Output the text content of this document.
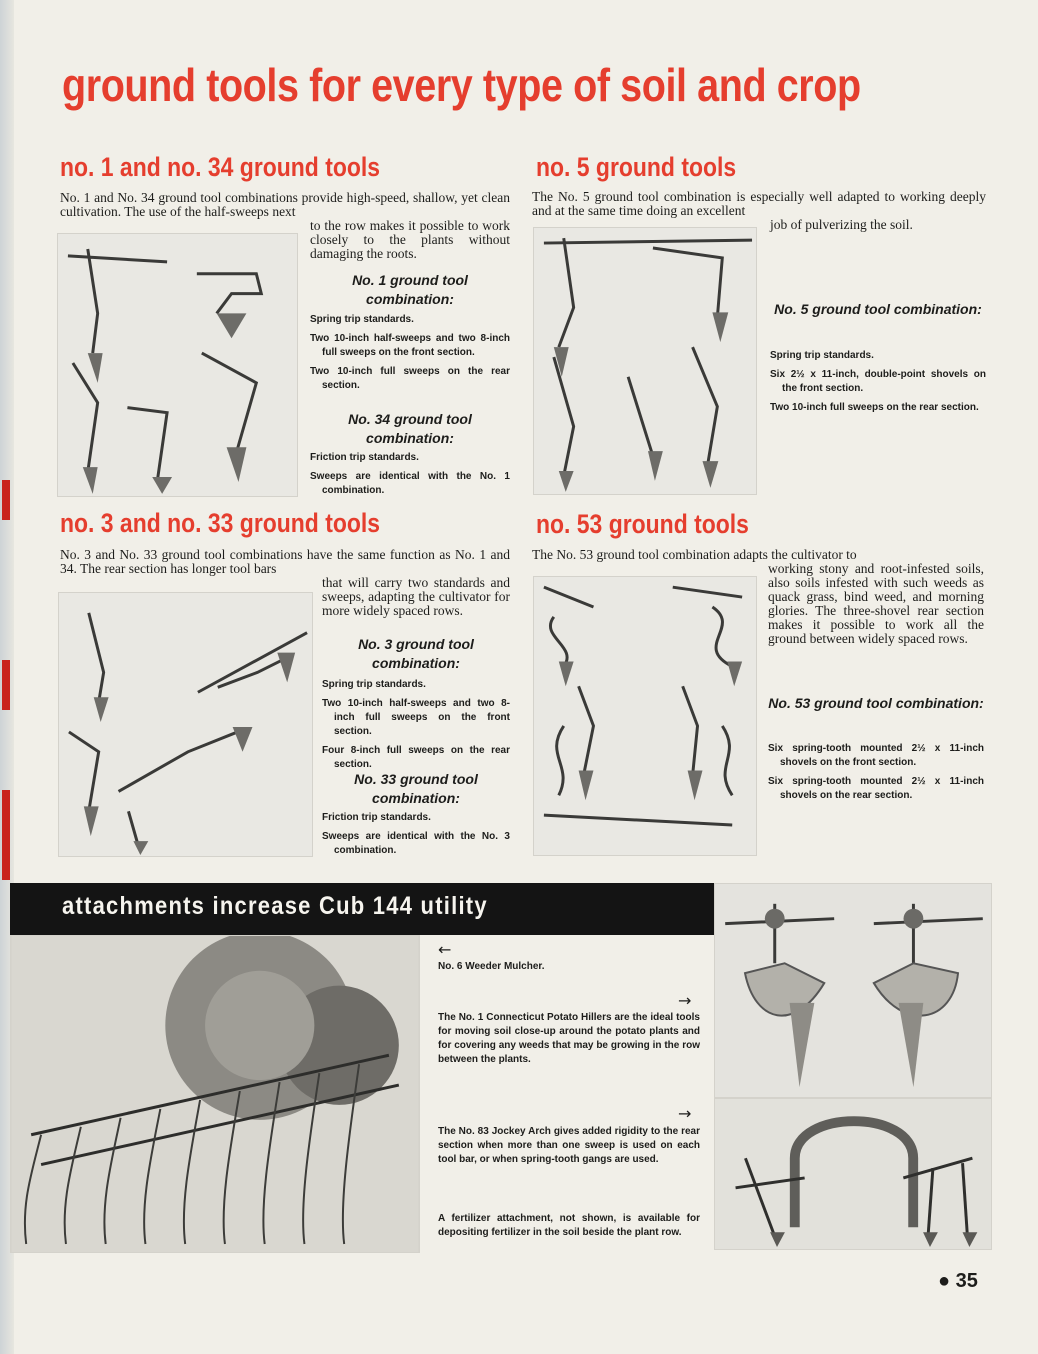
ground tools for every type of soil and crop
no. 1 and no. 34 ground tools
No. 1 and No. 34 ground tool combinations provide high-speed, shallow, yet clean cultivation. The use of the half-sweeps next
to the row makes it possible to work closely to the plants without damaging the roots.
No. 1 ground tool combination:

Spring trip standards.

Two 10-inch half-sweeps and two 8-inch full sweeps on the front section.

Two 10-inch full sweeps on the rear section.

No. 34 ground tool combination:

Friction trip standards.

Sweeps are identical with the No. 1 combination.

no. 5 ground tools
The No. 5 ground tool combination is especially well adapted to working deeply and at the same time doing an excellent
job of pulverizing the soil.
No. 5 ground tool combination:

Spring trip standards.

Six 2½ x 11-inch, double-point shovels on the front section.

Two 10-inch full sweeps on the rear section.

no. 3 and no. 33 ground tools
No. 3 and No. 33 ground tool combinations have the same function as No. 1 and 34. The rear section has longer tool bars
that will carry two standards and sweeps, adapting the cultivator for more widely spaced rows.
No. 3 ground tool combination:

Spring trip standards.

Two 10-inch half-sweeps and two 8-inch full sweeps on the front section.

Four 8-inch full sweeps on the rear section.

No. 33 ground tool combination:

Friction trip standards.

Sweeps are identical with the No. 3 combination.

no. 53 ground tools
The No. 53 ground tool combination adapts the cultivator to
working stony and root-infested soils, also soils infested with such weeds as quack grass, bind weed, and morning glories. The three-shovel rear section makes it possible to work all the ground between widely spaced rows.
No. 53 ground tool combination:

Six spring-tooth mounted 2½ x 11-inch shovels on the front section.

Six spring-tooth mounted 2½ x 11-inch shovels on the rear section.

attachments increase Cub 144 utility
←
No. 6 Weeder Mulcher.
→
The No. 1 Connecticut Potato Hillers are the ideal tools for moving soil close-up around the potato plants and for covering any weeds that may be growing in the row between the plants.
→
The No. 83 Jockey Arch gives added rigidity to the rear section when more than one sweep is used on each tool bar, or when spring-tooth gangs are used.
A fertilizer attachment, not shown, is available for depositing fertilizer in the soil beside the plant row.
● 35
